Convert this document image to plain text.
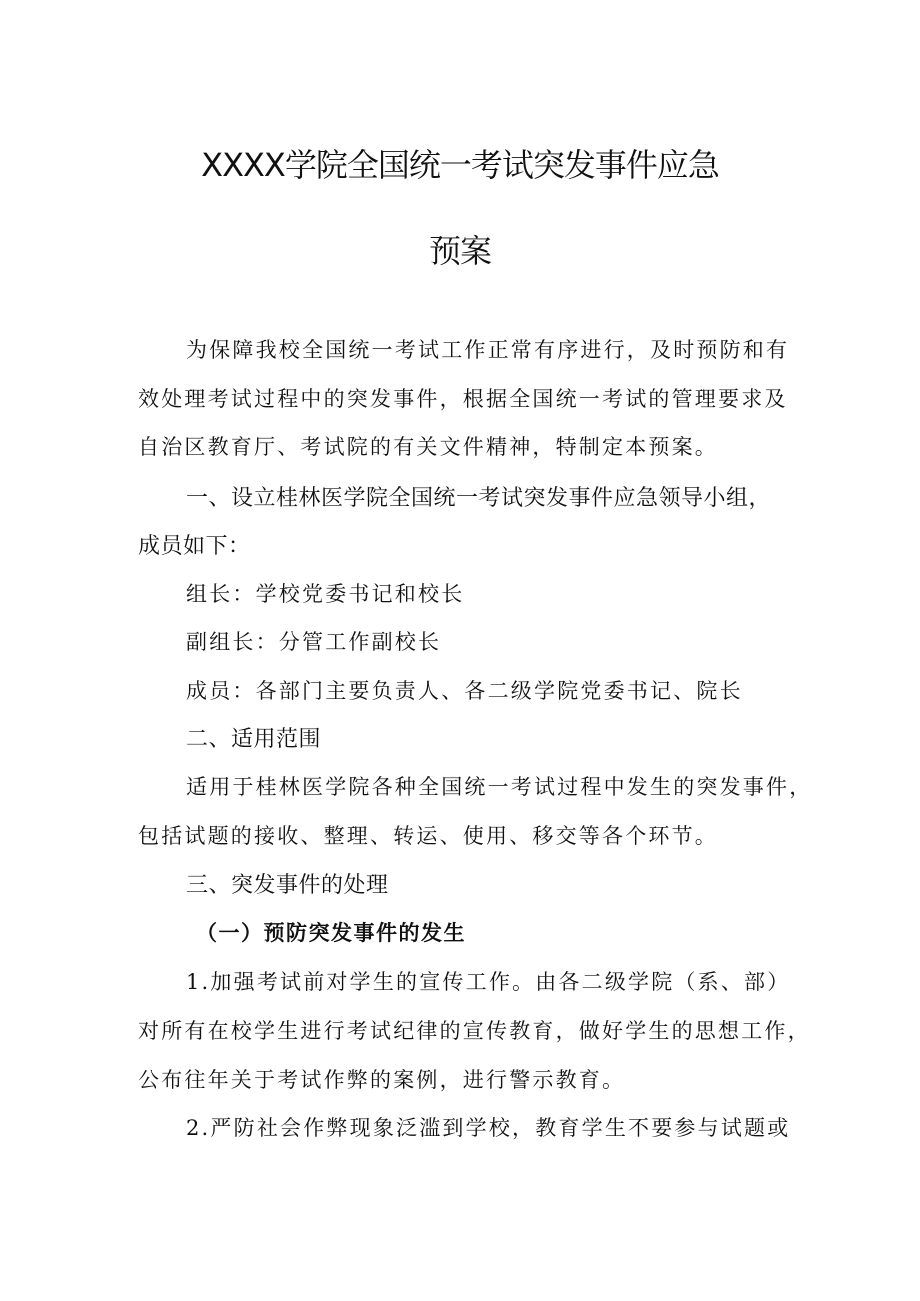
XXXX学院全国统一考试突发事件应急
预案
为保障我校全国统一考试工作正常有序进行，及时预防和有
效处理考试过程中的突发事件，根据全国统一考试的管理要求及
自治区教育厅、考试院的有关文件精神，特制定本预案。
一、设立桂林医学院全国统一考试突发事件应急领导小组，
成员如下：
组长：学校党委书记和校长
副组长：分管工作副校长
成员：各部门主要负责人、各二级学院党委书记、院长
二、适用范围
适用于桂林医学院各种全国统一考试过程中发生的突发事件，
包括试题的接收、整理、转运、使用、移交等各个环节。
三、突发事件的处理
（一）预防突发事件的发生
1.加强考试前对学生的宣传工作。由各二级学院（系、部）
对所有在校学生进行考试纪律的宣传教育，做好学生的思想工作，
公布往年关于考试作弊的案例，进行警示教育。
2.严防社会作弊现象泛滥到学校，教育学生不要参与试题或
